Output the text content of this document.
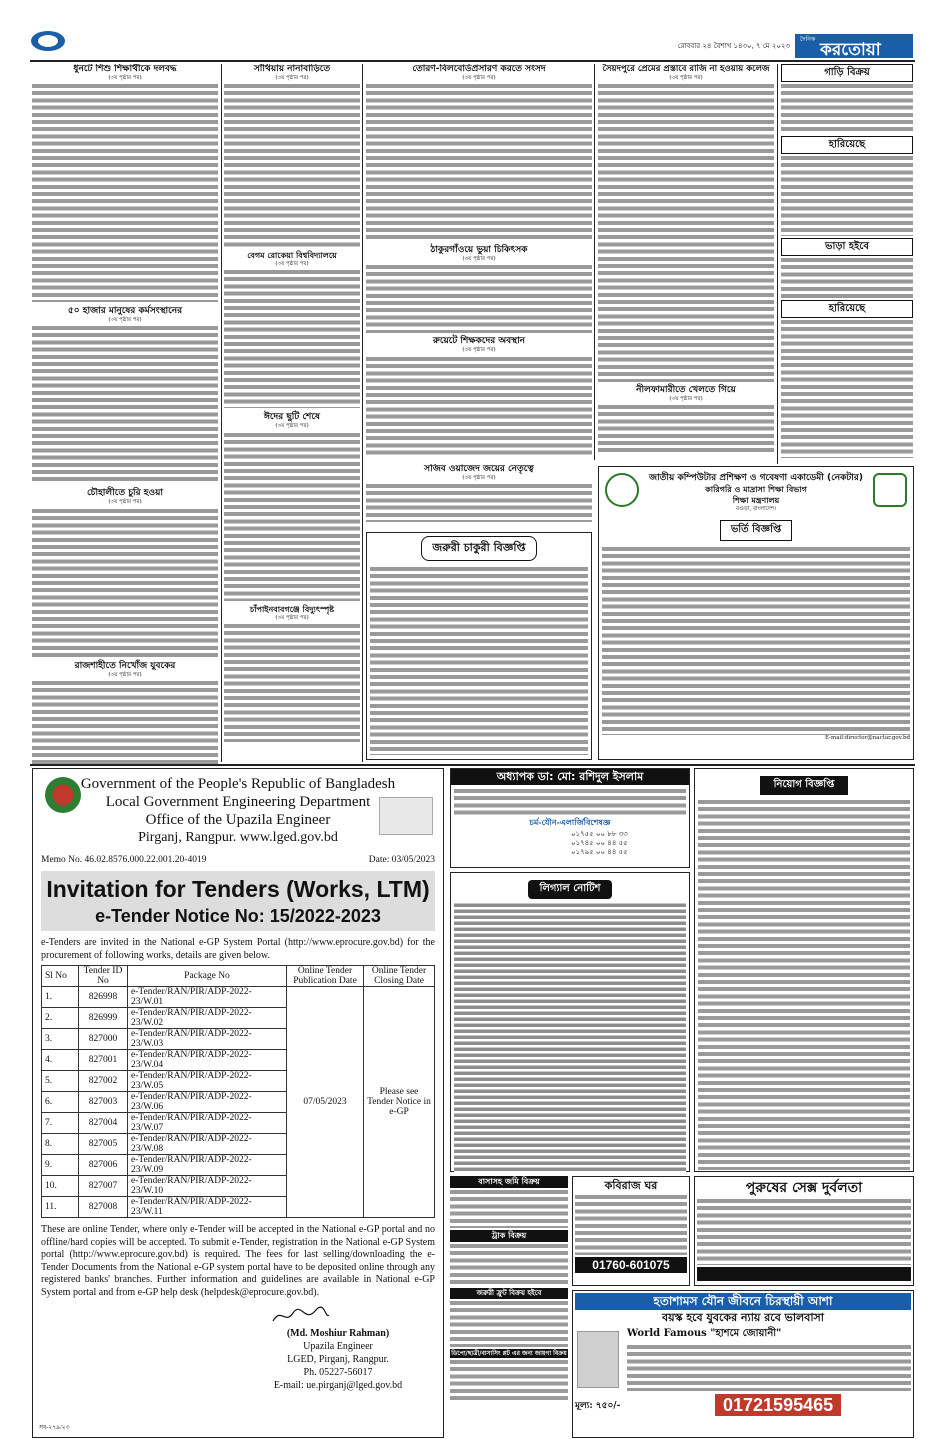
রোববার ২৪ বৈশাখ ১৪৩০, ৭ মে ২০২৩
দৈনিক
করতোয়া
ধুনটে শিশু শিক্ষার্থীকে দলবদ্ধ
(৩য় পৃষ্ঠার পর)
৫০ হাজার মানুষের কর্মসংস্থানের
(৩য় পৃষ্ঠার পর)
চৌহালীতে চুরি হওয়া
(৩য় পৃষ্ঠার পর)
রাজশাহীতে নিখোঁজ যুবকের
(৩য় পৃষ্ঠার পর)
সাঁথিয়ায় নানাবাড়িতে
(৩য় পৃষ্ঠার পর)
বেগম রোকেয়া বিশ্ববিদ্যালয়ে
(৩য় পৃষ্ঠার পর)
ঈদের ছুটি শেষে
(৩য় পৃষ্ঠার পর)
চাঁপাইনবাবগঞ্জে বিদ্যুৎস্পৃষ্ট
(৩য় পৃষ্ঠার পর)
তোরণ-বিলবোর্ডপ্রসারণ করতে সংসদ
(৩য় পৃষ্ঠার পর)
ঠাকুরগাঁওয়ে ভুয়া চিকিৎসক
(৩য় পৃষ্ঠার পর)
রুয়েটে শিক্ষকদের অবস্থান
(৩য় পৃষ্ঠার পর)
সৈয়দপুরে প্রেমের প্রস্তাবে রাজি না হওয়ায় কলেজ
(৩য় পৃষ্ঠার পর)
নীলফামারীতে খেলতে গিয়ে
(৩য় পৃষ্ঠার পর)
গাড়ি বিক্রয়
হারিয়েছে
ভাড়া হইবে
হারিয়েছে
জাতীয় কম্পিউটার প্রশিক্ষণ ও গবেষণা একাডেমী (নেকটার)
কারিগরি ও মাদ্রাসা শিক্ষা বিভাগ
শিক্ষা মন্ত্রণালয়
বগুড়া, বাংলাদেশ।
ভর্তি বিজ্ঞপ্তি
E-mail:director@nactar.gov.bd
জরুরী চাকুরী বিজ্ঞপ্তি
সজিব ওয়াজেদ জয়ের নেতৃত্বে
(৩য় পৃষ্ঠার পর)
Government of the People's Republic of Bangladesh
Local Government Engineering Department
Office of the Upazila Engineer
Pirganj, Rangpur. www.lged.gov.bd
Memo No. 46.02.8576.000.22.001.20-4019	Date: 03/05/2023
Invitation for Tenders (Works, LTM)
e-Tender Notice No: 15/2022-2023
e-Tenders are invited in the National e-GP System Portal (http://www.eprocure.gov.bd) for the procurement of following works, details are given below.
Sl No	Tender ID No	Package No	Online Tender Publication Date	Online Tender Closing Date
1.	826998	e-Tender/RAN/PIR/ADP-2022-23/W.01	07/05/2023	Please see Tender Notice in e-GP
2.	826999	e-Tender/RAN/PIR/ADP-2022-23/W.02		
3.	827000	e-Tender/RAN/PIR/ADP-2022-23/W.03		
4.	827001	e-Tender/RAN/PIR/ADP-2022-23/W.04		
5.	827002	e-Tender/RAN/PIR/ADP-2022-23/W.05		
6.	827003	e-Tender/RAN/PIR/ADP-2022-23/W.06		
7.	827004	e-Tender/RAN/PIR/ADP-2022-23/W.07		
8.	827005	e-Tender/RAN/PIR/ADP-2022-23/W.08		
9.	827006	e-Tender/RAN/PIR/ADP-2022-23/W.09		
10.	827007	e-Tender/RAN/PIR/ADP-2022-23/W.10		
11.	827008	e-Tender/RAN/PIR/ADP-2022-23/W.11		
These are online Tender, where only e-Tender will be accepted in the National e-GP portal and no offline/hard copies will be accepted. To submit e-Tender, registration in the National e-GP System portal (http://www.eprocure.gov.bd) is required. The fees for last selling/downloading the e-Tender Documents from the National e-GP system portal have to be deposited online through any registered banks' branches. Further information and guidelines are available in National e-GP System portal and from e-GP help desk (helpdesk@eprocure.gov.bd).
(Md. Moshiur Rahman)
Upazila Engineer
LGED, Pirganj, Rangpur.
Ph. 05227-56017
E-mail: ue.pirganj@lged.gov.bd
সব-২৭৯/২৩
অধ্যাপক ডা: মো: রশিদুল ইসলাম
চর্ম-যৌন-এলার্জিবিশেষজ্ঞ
০১৭৫৫ ০০ ৮৮ ৩৩
০১৭৪৫ ০০ ৪৪ ৫৫
০১৭৯৫ ০০ ৪৪ ৫৫
লিগ্যাল নোটিশ
নিয়োগ বিজ্ঞপ্তি
বাসাসহ জমি বিক্রয়
ট্রাক বিক্রয়
জরুরী ফ্রুট বিক্রয় হইবে
ডিপো/ছাত্রী/বাসাসিং প্লট এর জন্য জায়গা বিক্রয়
কবিরাজ ঘর
01760-601075
পুরুষের সেক্স দুর্বলতা
হতাশামস যৌন জীবনে চিরস্থায়ী আশা
বয়স্ক হবে যুবকের ন্যায় রবে ভালবাসা
World Famous "হাশমে জোয়ানী"
মূল্য: ৭৫০/-	01721595465
